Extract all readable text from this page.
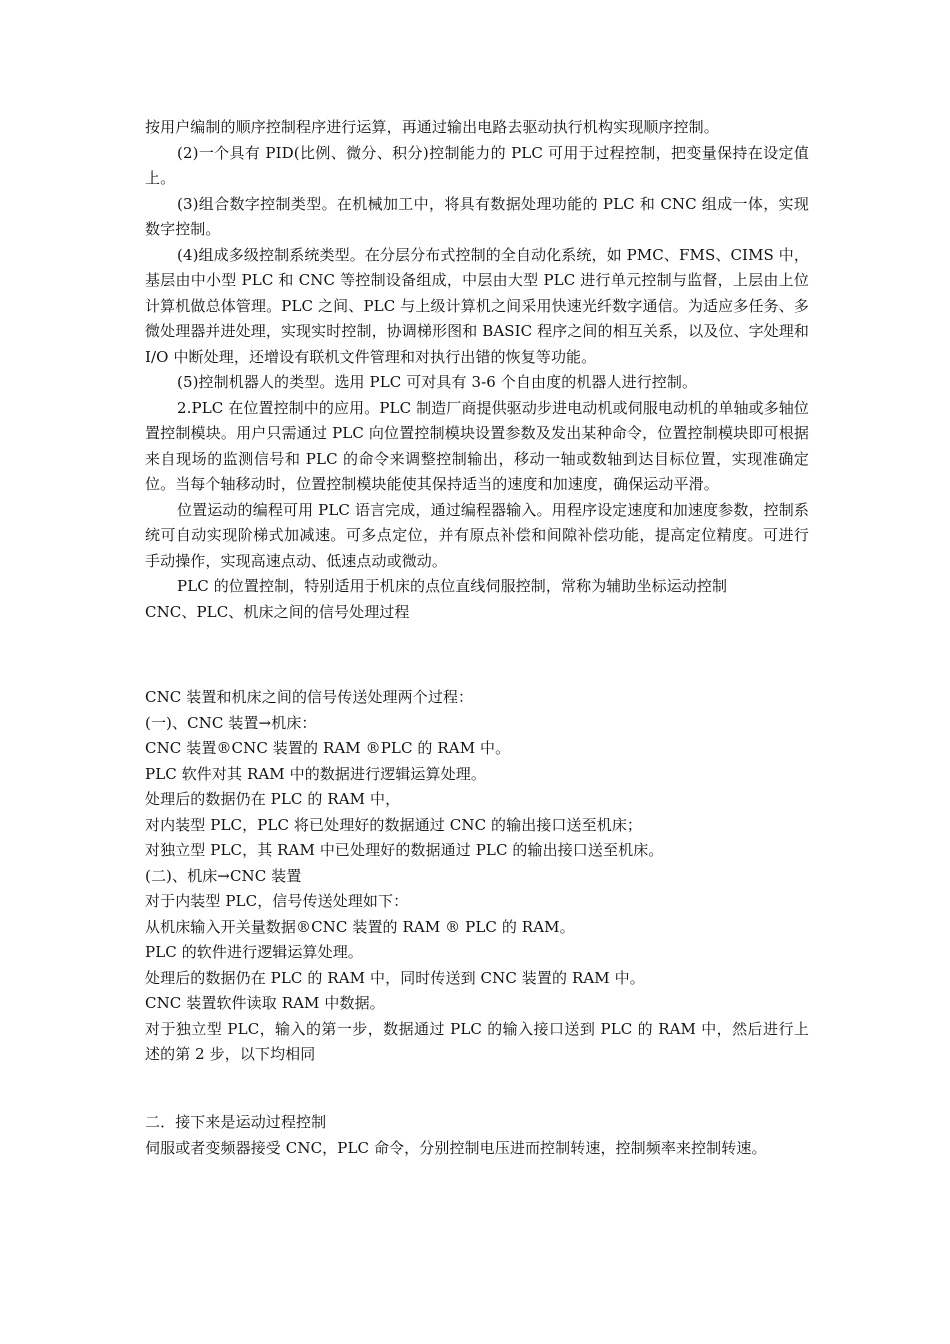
按用户编制的顺序控制程序进行运算，再通过输出电路去驱动执行机构实现顺序控制。

(2)一个具有 PID(比例、微分、积分)控制能力的 PLC 可用于过程控制，把变量保持在设定值上。

(3)组合数字控制类型。在机械加工中，将具有数据处理功能的 PLC 和 CNC 组成一体，实现数字控制。

(4)组成多级控制系统类型。在分层分布式控制的全自动化系统，如 PMC、FMS、CIMS 中，基层由中小型 PLC 和 CNC 等控制设备组成，中层由大型 PLC 进行单元控制与监督，上层由上位计算机做总体管理。PLC 之间、PLC 与上级计算机之间采用快速光纤数字通信。为适应多任务、多微处理器并进处理，实现实时控制，协调梯形图和 BASIC 程序之间的相互关系，以及位、字处理和 I/O 中断处理，还增设有联机文件管理和对执行出错的恢复等功能。

(5)控制机器人的类型。选用 PLC 可对具有 3-6 个自由度的机器人进行控制。

2.PLC 在位置控制中的应用。PLC 制造厂商提供驱动步进电动机或伺服电动机的单轴或多轴位置控制模块。用户只需通过 PLC 向位置控制模块设置参数及发出某种命令，位置控制模块即可根据来自现场的监测信号和 PLC 的命令来调整控制输出，移动一轴或数轴到达目标位置，实现准确定位。当每个轴移动时，位置控制模块能使其保持适当的速度和加速度，确保运动平滑。

位置运动的编程可用 PLC 语言完成，通过编程器输入。用程序设定速度和加速度参数，控制系统可自动实现阶梯式加减速。可多点定位，并有原点补偿和间隙补偿功能，提高定位精度。可进行手动操作，实现高速点动、低速点动或微动。

PLC 的位置控制，特别适用于机床的点位直线伺服控制，常称为辅助坐标运动控制

CNC、PLC、机床之间的信号处理过程

CNC 装置和机床之间的信号传送处理两个过程：

(一)、CNC 装置→机床：

CNC 装置®CNC 装置的 RAM ®PLC 的 RAM 中。

PLC 软件对其 RAM 中的数据进行逻辑运算处理。

处理后的数据仍在 PLC 的 RAM 中，

对内装型 PLC，PLC 将已处理好的数据通过 CNC 的输出接口送至机床；

对独立型 PLC，其 RAM 中已处理好的数据通过 PLC 的输出接口送至机床。

(二)、机床→CNC 装置

对于内装型 PLC，信号传送处理如下：

从机床输入开关量数据®CNC 装置的 RAM ® PLC 的 RAM。

PLC 的软件进行逻辑运算处理。

处理后的数据仍在 PLC 的 RAM 中，同时传送到 CNC 装置的 RAM 中。

CNC 装置软件读取 RAM 中数据。

对于独立型 PLC，输入的第一步，数据通过 PLC 的输入接口送到 PLC 的 RAM 中，然后进行上述的第 2 步，以下均相同

二．接下来是运动过程控制

伺服或者变频器接受 CNC，PLC 命令，分别控制电压进而控制转速，控制频率来控制转速。
